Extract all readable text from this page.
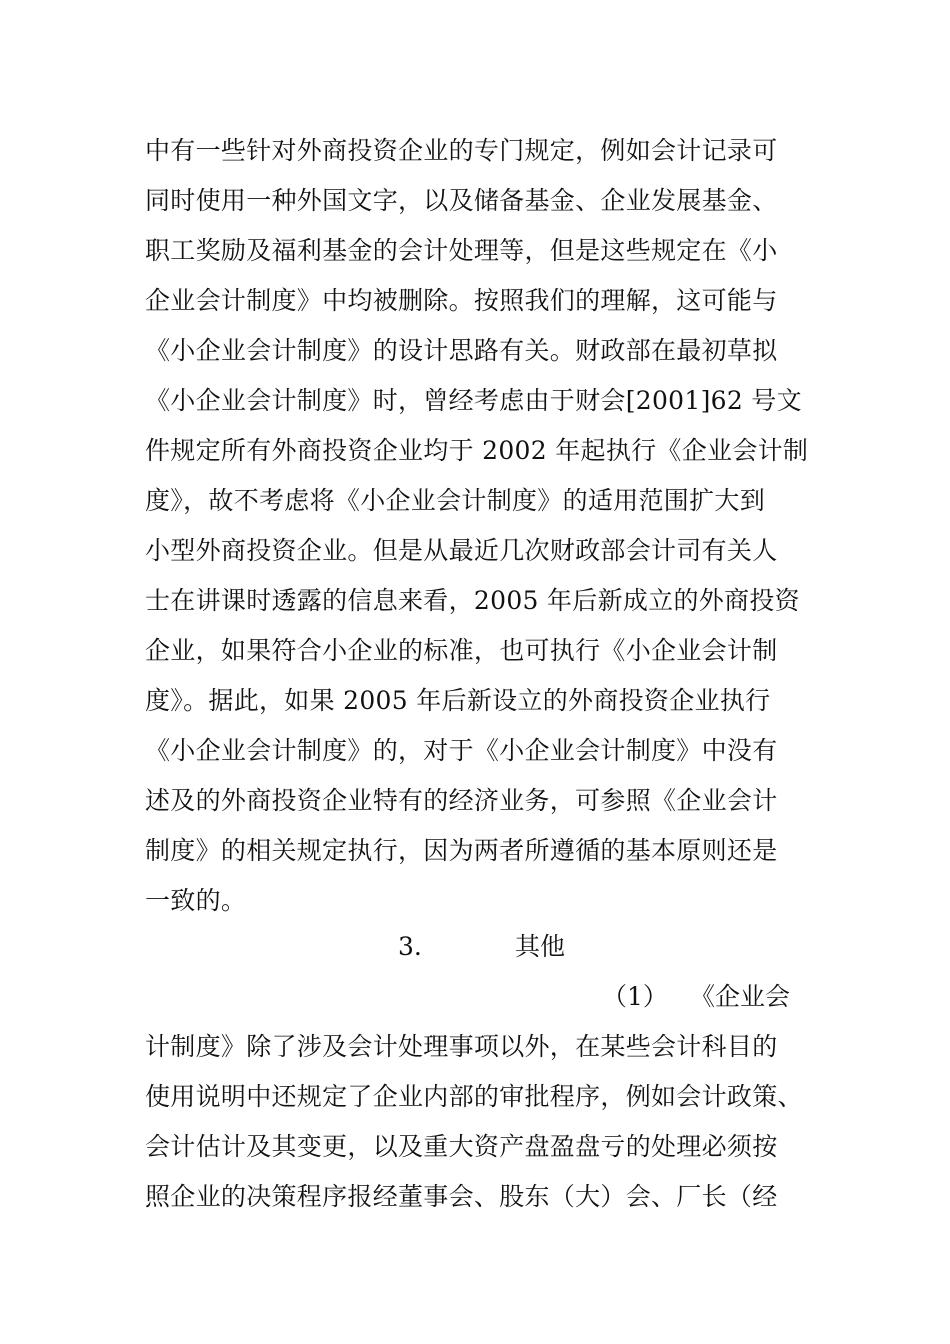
中有一些针对外商投资企业的专门规定，例如会计记录可
同时使用一种外国文字，以及储备基金、企业发展基金、
职工奖励及福利基金的会计处理等，但是这些规定在《小
企业会计制度》中均被删除。按照我们的理解，这可能与
《小企业会计制度》的设计思路有关。财政部在最初草拟
《小企业会计制度》时，曾经考虑由于财会[2001]62 号文
件规定所有外商投资企业均于 2002 年起执行《企业会计制
度》，故不考虑将《小企业会计制度》的适用范围扩大到
小型外商投资企业。但是从最近几次财政部会计司有关人
士在讲课时透露的信息来看，2005 年后新成立的外商投资
企业，如果符合小企业的标准，也可执行《小企业会计制
度》。据此，如果 2005 年后新设立的外商投资企业执行
《小企业会计制度》的，对于《小企业会计制度》中没有
述及的外商投资企业特有的经济业务，可参照《企业会计
制度》的相关规定执行，因为两者所遵循的基本原则还是
一致的。
3.	其他
（1） 《企业会
计制度》除了涉及会计处理事项以外，在某些会计科目的
使用说明中还规定了企业内部的审批程序，例如会计政策、
会计估计及其变更，以及重大资产盘盈盘亏的处理必须按
照企业的决策程序报经董事会、股东（大）会、厂长（经
